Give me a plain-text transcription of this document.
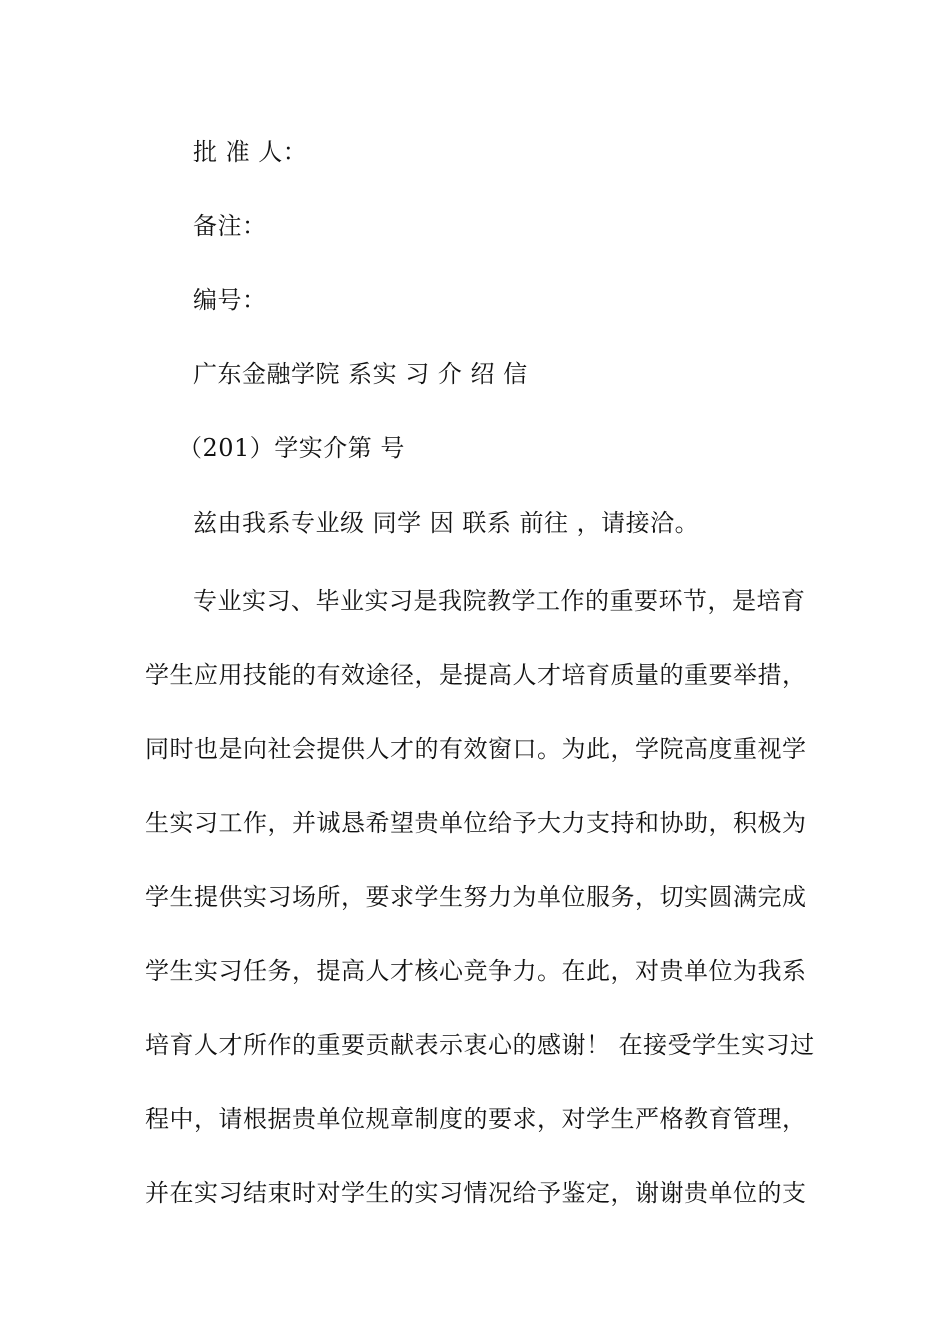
批 准 人：
备注：
编号：
广东金融学院 系实 习 介 绍 信
（201）学实介第 号
兹由我系专业级 同学 因 联系 前往 ，请接洽。
专业实习、毕业实习是我院教学工作的重要环节，是培育
学生应用技能的有效途径，是提高人才培育质量的重要举措，
同时也是向社会提供人才的有效窗口。为此，学院高度重视学
生实习工作，并诚恳希望贵单位给予大力支持和协助，积极为
学生提供实习场所，要求学生努力为单位服务，切实圆满完成
学生实习任务，提高人才核心竞争力。在此，对贵单位为我系
培育人才所作的重要贡献表示衷心的感谢！ 在接受学生实习过
程中，请根据贵单位规章制度的要求，对学生严格教育管理，
并在实习结束时对学生的实习情况给予鉴定，谢谢贵单位的支
